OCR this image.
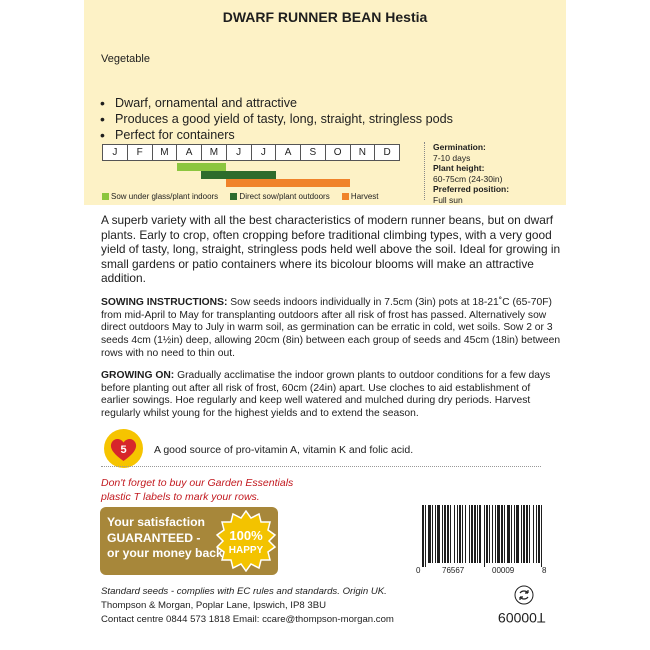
DWARF RUNNER BEAN Hestia
Vegetable
• Dwarf, ornamental and attractive
• Produces a good yield of tasty, long, straight, stringless pods
• Perfect for containers
J	F	M	A	M	J	J	A	S	O	N	D
Sow under glass/plant indoors	Direct sow/plant outdoors	Harvest
Germination:
7-10 days
Plant height:
60-75cm (24-30in)
Preferred position:
Full sun
A superb variety with all the best characteristics of modern runner beans, but on dwarf plants. Early to crop, often cropping before traditional climbing types, with a very good yield of tasty, long, straight, stringless pods held well above the soil. Ideal for growing in small gardens or patio containers where its bicolour blooms will make an attractive addition.
SOWING INSTRUCTIONS: Sow seeds indoors individually in 7.5cm (3in) pots at 18-21˚C (65-70F) from mid-April to May for transplanting outdoors after all risk of frost has passed. Alternatively sow direct outdoors May to July in warm soil, as germination can be erratic in cold, wet soils. Sow 2 or 3 seeds 4cm (1½in) deep, allowing 20cm (8in) between each group of seeds and 45cm (18in) between rows with no need to thin out.
GROWING ON: Gradually acclimatise the indoor grown plants to outdoor conditions for a few days before planting out after all risk of frost, 60cm (24in) apart. Use cloches to aid establishment of earlier sowings. Hoe regularly and keep well watered and mulched during dry periods. Harvest regularly whilst young for the highest yields and to extend the season.
5	A good source of pro-vitamin A, vitamin K and folic acid.
Don't forget to buy our Garden Essentials
plastic T labels to mark your rows.
Your satisfaction
GUARANTEED -
or your money back
100%
HAPPY
0	76567	00009	8
Standard seeds - complies with EC rules and standards. Origin UK.
Thompson & Morgan, Poplar Lane, Ipswich, IP8 3BU
Contact centre 0844 573 1818 Email: ccare@thompson-morgan.com	T00009
